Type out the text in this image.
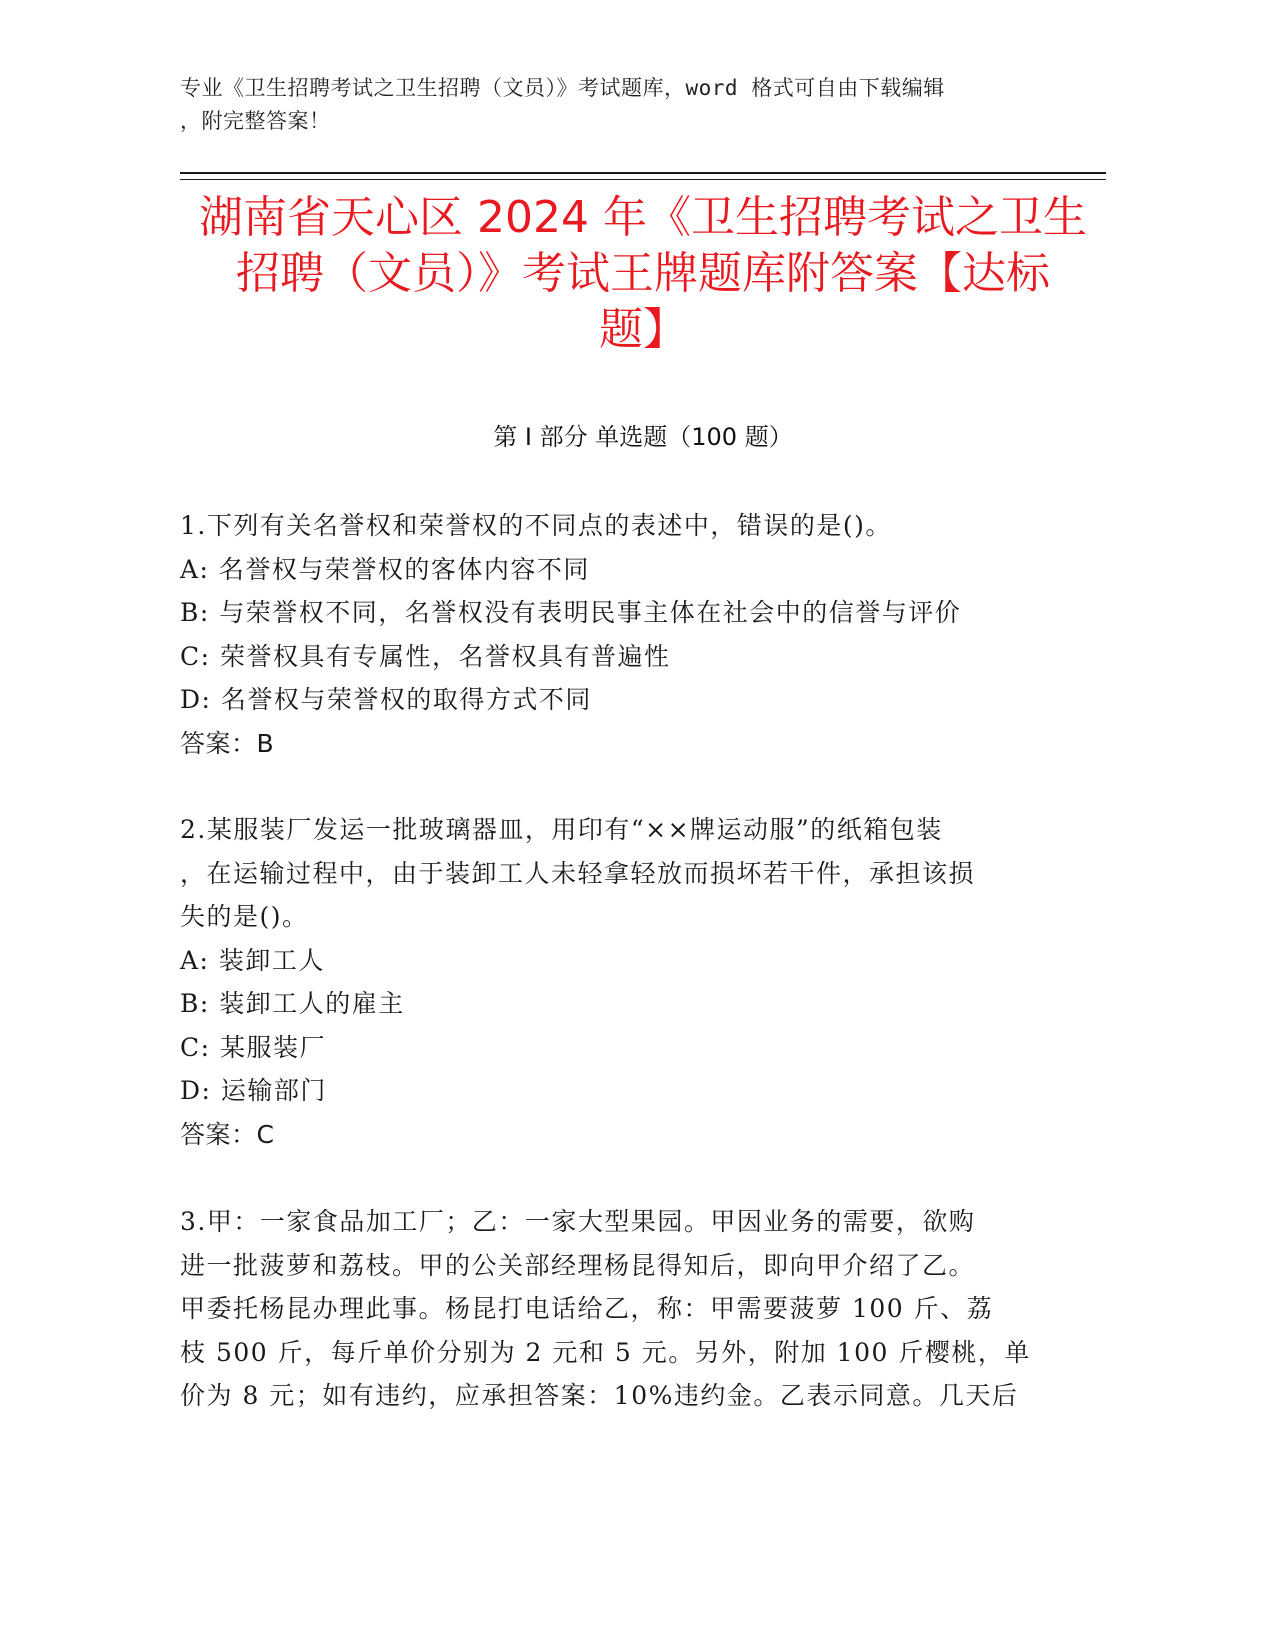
专业《卫生招聘考试之卫生招聘（文员）》考试题库，word 格式可自由下载编辑
，附完整答案！
湖南省天心区 2024 年《卫生招聘考试之卫生
招聘（文员）》考试王牌题库附答案【达标
题】
第 I 部分 单选题（100 题）
1.下列有关名誉权和荣誉权的不同点的表述中，错误的是()。
A: 名誉权与荣誉权的客体内容不同
B: 与荣誉权不同，名誉权没有表明民事主体在社会中的信誉与评价
C: 荣誉权具有专属性，名誉权具有普遍性
D: 名誉权与荣誉权的取得方式不同
答案：B
2.某服装厂发运一批玻璃器皿，用印有“××牌运动服”的纸箱包装
，在运输过程中，由于装卸工人未轻拿轻放而损坏若干件，承担该损
失的是()。
A: 装卸工人
B: 装卸工人的雇主
C: 某服装厂
D: 运输部门
答案：C
3.甲：一家食品加工厂；乙：一家大型果园。甲因业务的需要，欲购
进一批菠萝和荔枝。甲的公关部经理杨昆得知后，即向甲介绍了乙。
甲委托杨昆办理此事。杨昆打电话给乙，称：甲需要菠萝 100 斤、荔
枝 500 斤，每斤单价分别为 2 元和 5 元。另外，附加 100 斤樱桃，单
价为 8 元；如有违约，应承担答案：10%违约金。乙表示同意。几天后
